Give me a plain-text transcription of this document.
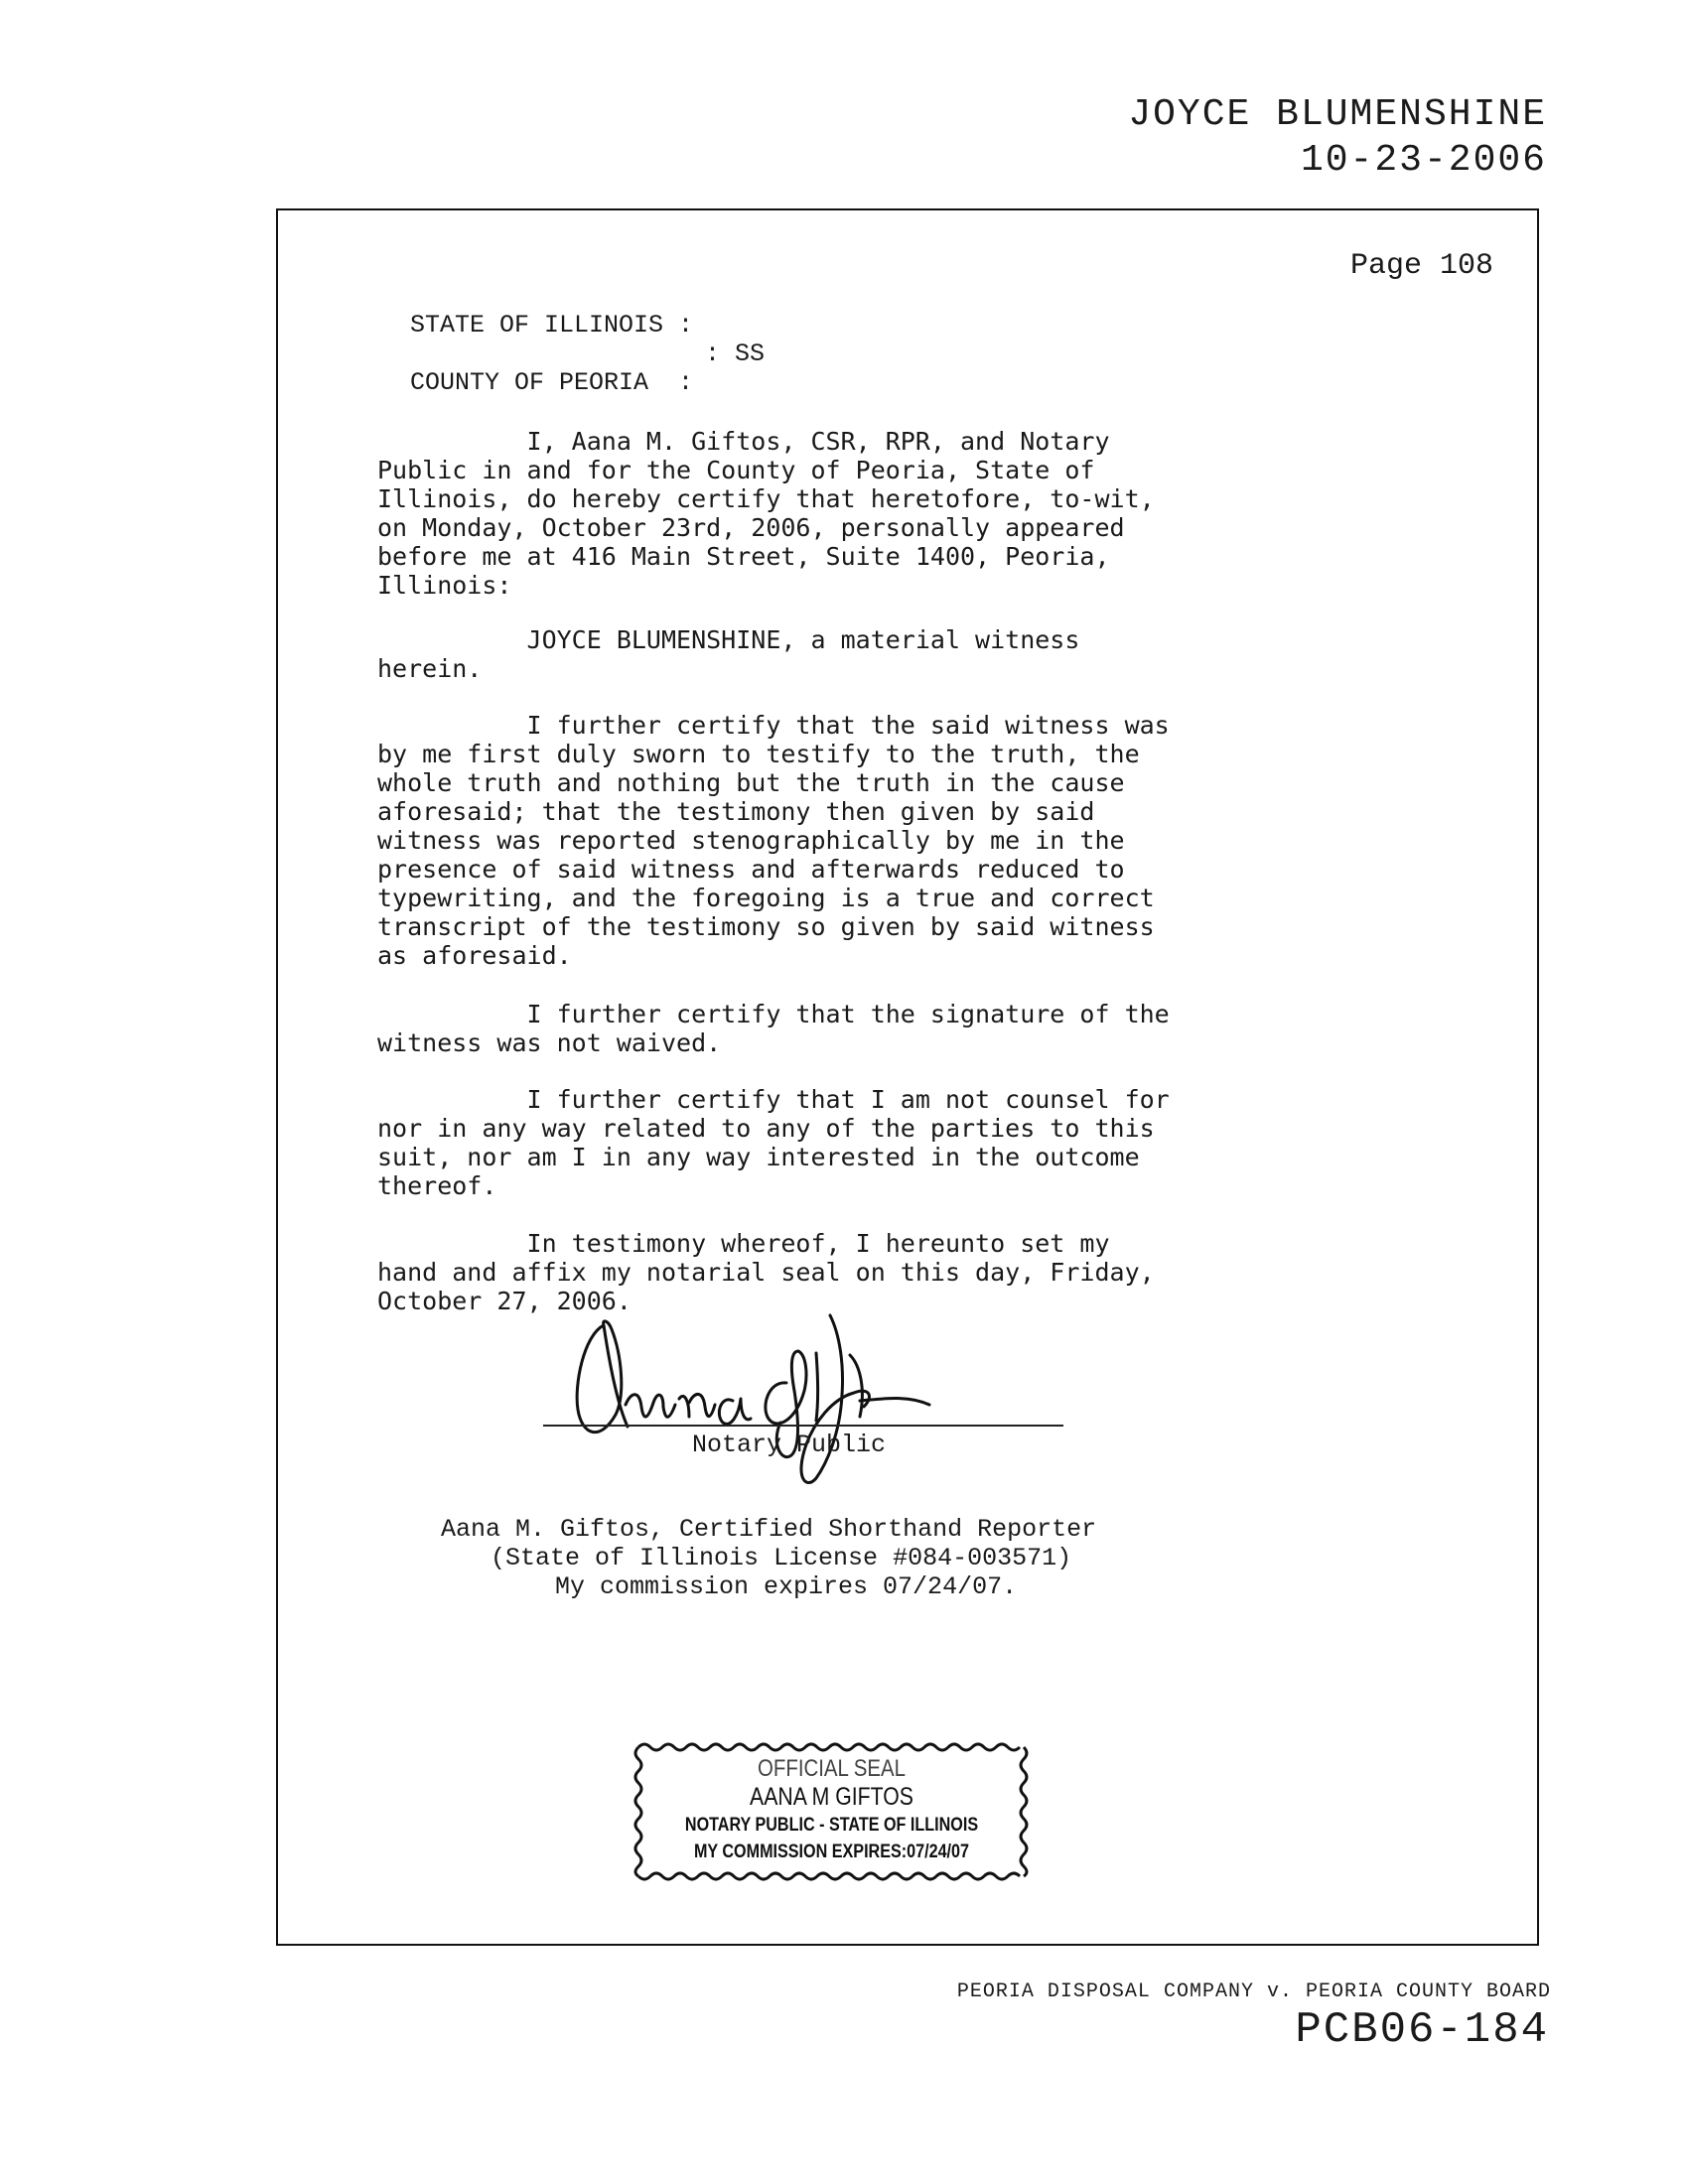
JOYCE BLUMENSHINE
10-23-2006
Page 108
STATE OF ILLINOIS :
: SS
COUNTY OF PEORIA  :
I, Aana M. Giftos, CSR, RPR, and Notary
Public in and for the County of Peoria, State of
Illinois, do hereby certify that heretofore, to-wit,
on Monday, October 23rd, 2006, personally appeared
before me at 416 Main Street, Suite 1400, Peoria,
Illinois:
JOYCE BLUMENSHINE, a material witness
herein.
I further certify that the said witness was
by me first duly sworn to testify to the truth, the
whole truth and nothing but the truth in the cause
aforesaid; that the testimony then given by said
witness was reported stenographically by me in the
presence of said witness and afterwards reduced to
typewriting, and the foregoing is a true and correct
transcript of the testimony so given by said witness
as aforesaid.
I further certify that the signature of the
witness was not waived.
I further certify that I am not counsel for
nor in any way related to any of the parties to this
suit, nor am I in any way interested in the outcome
thereof.
In testimony whereof, I hereunto set my
hand and affix my notarial seal on this day, Friday,
October 27, 2006.
Notary Public
Aana M. Giftos, Certified Shorthand Reporter
(State of Illinois License #084-003571)
My commission expires 07/24/07.
OFFICIAL SEAL
AANA M GIFTOS
NOTARY PUBLIC - STATE OF ILLINOIS
MY COMMISSION EXPIRES:07/24/07
PEORIA DISPOSAL COMPANY v. PEORIA COUNTY BOARD
PCB06-184
